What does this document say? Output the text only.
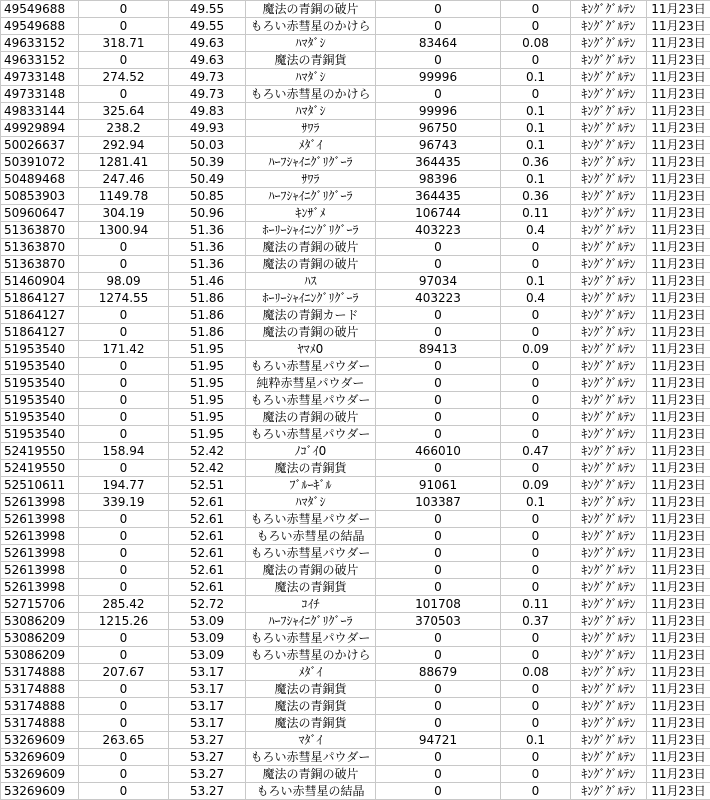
49549688	0	49.55	魔法の青銅の破片	0	0	ｷﾝｸﾞｸﾞﾙﾃﾝ	11月23日
49549688	0	49.55	もろい赤彗星のかけら	0	0	ｷﾝｸﾞｸﾞﾙﾃﾝ	11月23日
49633152	318.71	49.63	ﾊﾏﾀﾞｼ	83464	0.08	ｷﾝｸﾞｸﾞﾙﾃﾝ	11月23日
49633152	0	49.63	魔法の青銅貨	0	0	ｷﾝｸﾞｸﾞﾙﾃﾝ	11月23日
49733148	274.52	49.73	ﾊﾏﾀﾞｼ	99996	0.1	ｷﾝｸﾞｸﾞﾙﾃﾝ	11月23日
49733148	0	49.73	もろい赤彗星のかけら	0	0	ｷﾝｸﾞｸﾞﾙﾃﾝ	11月23日
49833144	325.64	49.83	ﾊﾏﾀﾞｼ	99996	0.1	ｷﾝｸﾞｸﾞﾙﾃﾝ	11月23日
49929894	238.2	49.93	ｻﾜﾗ	96750	0.1	ｷﾝｸﾞｸﾞﾙﾃﾝ	11月23日
50026637	292.94	50.03	ﾒﾀﾞｲ	96743	0.1	ｷﾝｸﾞｸﾞﾙﾃﾝ	11月23日
50391072	1281.41	50.39	ﾊｰﾌｼｬｲﾆｸﾞﾘｸﾞｰﾗ	364435	0.36	ｷﾝｸﾞｸﾞﾙﾃﾝ	11月23日
50489468	247.46	50.49	ｻﾜﾗ	98396	0.1	ｷﾝｸﾞｸﾞﾙﾃﾝ	11月23日
50853903	1149.78	50.85	ﾊｰﾌｼｬｲﾆｸﾞﾘｸﾞｰﾗ	364435	0.36	ｷﾝｸﾞｸﾞﾙﾃﾝ	11月23日
50960647	304.19	50.96	ｷﾝｻﾞﾒ	106744	0.11	ｷﾝｸﾞｸﾞﾙﾃﾝ	11月23日
51363870	1300.94	51.36	ﾎｰﾘｰｼｬｲﾆﾝｸﾞﾘｸﾞｰﾗ	403223	0.4	ｷﾝｸﾞｸﾞﾙﾃﾝ	11月23日
51363870	0	51.36	魔法の青銅の破片	0	0	ｷﾝｸﾞｸﾞﾙﾃﾝ	11月23日
51363870	0	51.36	魔法の青銅の破片	0	0	ｷﾝｸﾞｸﾞﾙﾃﾝ	11月23日
51460904	98.09	51.46	ﾊｽ	97034	0.1	ｷﾝｸﾞｸﾞﾙﾃﾝ	11月23日
51864127	1274.55	51.86	ﾎｰﾘｰｼｬｲﾆﾝｸﾞﾘｸﾞｰﾗ	403223	0.4	ｷﾝｸﾞｸﾞﾙﾃﾝ	11月23日
51864127	0	51.86	魔法の青銅カード	0	0	ｷﾝｸﾞｸﾞﾙﾃﾝ	11月23日
51864127	0	51.86	魔法の青銅の破片	0	0	ｷﾝｸﾞｸﾞﾙﾃﾝ	11月23日
51953540	171.42	51.95	ﾔﾏﾒ0	89413	0.09	ｷﾝｸﾞｸﾞﾙﾃﾝ	11月23日
51953540	0	51.95	もろい赤彗星パウダー	0	0	ｷﾝｸﾞｸﾞﾙﾃﾝ	11月23日
51953540	0	51.95	純粋赤彗星パウダー	0	0	ｷﾝｸﾞｸﾞﾙﾃﾝ	11月23日
51953540	0	51.95	もろい赤彗星パウダー	0	0	ｷﾝｸﾞｸﾞﾙﾃﾝ	11月23日
51953540	0	51.95	魔法の青銅の破片	0	0	ｷﾝｸﾞｸﾞﾙﾃﾝ	11月23日
51953540	0	51.95	もろい赤彗星パウダー	0	0	ｷﾝｸﾞｸﾞﾙﾃﾝ	11月23日
52419550	158.94	52.42	ﾉｺﾞｲ0	466010	0.47	ｷﾝｸﾞｸﾞﾙﾃﾝ	11月23日
52419550	0	52.42	魔法の青銅貨	0	0	ｷﾝｸﾞｸﾞﾙﾃﾝ	11月23日
52510611	194.77	52.51	ﾌﾞﾙｰｷﾞﾙ	91061	0.09	ｷﾝｸﾞｸﾞﾙﾃﾝ	11月23日
52613998	339.19	52.61	ﾊﾏﾀﾞｼ	103387	0.1	ｷﾝｸﾞｸﾞﾙﾃﾝ	11月23日
52613998	0	52.61	もろい赤彗星パウダー	0	0	ｷﾝｸﾞｸﾞﾙﾃﾝ	11月23日
52613998	0	52.61	もろい赤彗星の結晶	0	0	ｷﾝｸﾞｸﾞﾙﾃﾝ	11月23日
52613998	0	52.61	もろい赤彗星パウダー	0	0	ｷﾝｸﾞｸﾞﾙﾃﾝ	11月23日
52613998	0	52.61	魔法の青銅の破片	0	0	ｷﾝｸﾞｸﾞﾙﾃﾝ	11月23日
52613998	0	52.61	魔法の青銅貨	0	0	ｷﾝｸﾞｸﾞﾙﾃﾝ	11月23日
52715706	285.42	52.72	ｺｲﾁ	101708	0.11	ｷﾝｸﾞｸﾞﾙﾃﾝ	11月23日
53086209	1215.26	53.09	ﾊｰﾌｼｬｲﾆｸﾞﾘｸﾞｰﾗ	370503	0.37	ｷﾝｸﾞｸﾞﾙﾃﾝ	11月23日
53086209	0	53.09	もろい赤彗星パウダー	0	0	ｷﾝｸﾞｸﾞﾙﾃﾝ	11月23日
53086209	0	53.09	もろい赤彗星のかけら	0	0	ｷﾝｸﾞｸﾞﾙﾃﾝ	11月23日
53174888	207.67	53.17	ﾒﾀﾞｲ	88679	0.08	ｷﾝｸﾞｸﾞﾙﾃﾝ	11月23日
53174888	0	53.17	魔法の青銅貨	0	0	ｷﾝｸﾞｸﾞﾙﾃﾝ	11月23日
53174888	0	53.17	魔法の青銅貨	0	0	ｷﾝｸﾞｸﾞﾙﾃﾝ	11月23日
53174888	0	53.17	魔法の青銅貨	0	0	ｷﾝｸﾞｸﾞﾙﾃﾝ	11月23日
53269609	263.65	53.27	ﾏﾀﾞｲ	94721	0.1	ｷﾝｸﾞｸﾞﾙﾃﾝ	11月23日
53269609	0	53.27	もろい赤彗星パウダー	0	0	ｷﾝｸﾞｸﾞﾙﾃﾝ	11月23日
53269609	0	53.27	魔法の青銅の破片	0	0	ｷﾝｸﾞｸﾞﾙﾃﾝ	11月23日
53269609	0	53.27	もろい赤彗星の結晶	0	0	ｷﾝｸﾞｸﾞﾙﾃﾝ	11月23日
